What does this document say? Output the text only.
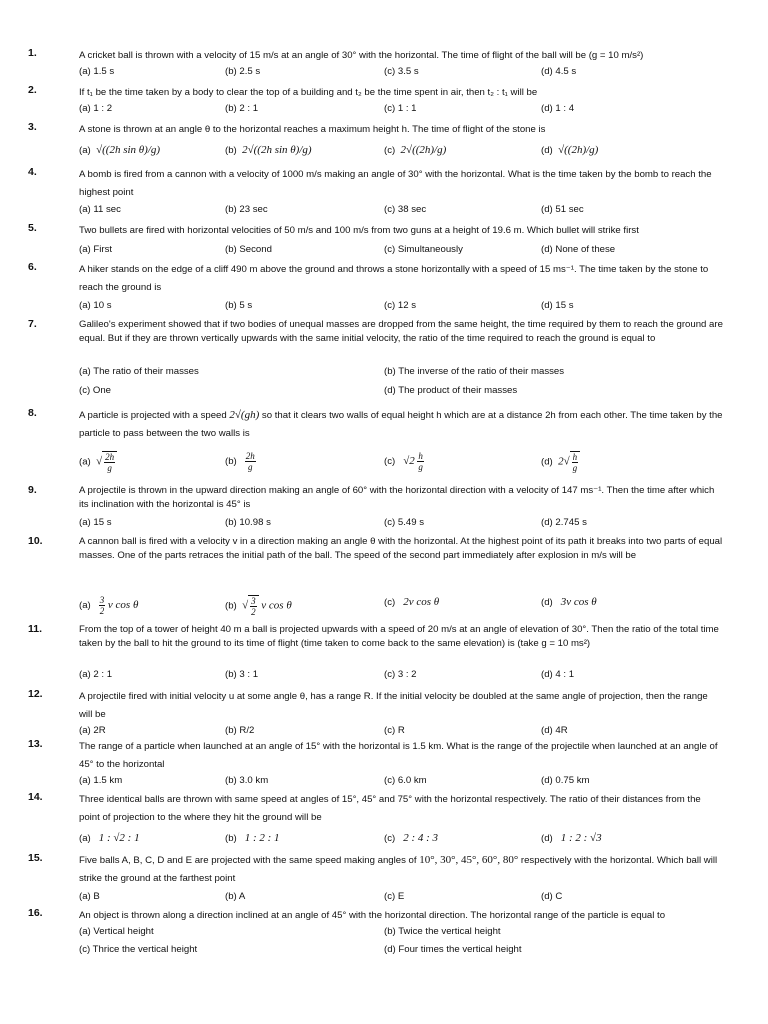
1.	A cricket ball is thrown with a velocity of 15 m/s at an angle of 30° with the horizontal. The time of flight of the ball will be (g = 10 m/s²)
(a) 1.5 s	(b) 2.5 s	(c) 3.5 s	(d) 4.5 s
2.	If t₁ be the time taken by a body to clear the top of a building and t₂ be the time spent in air, then t₂ : t₁ will be
(a) 1 : 2	(b) 2 : 1	(c) 1 : 1	(d) 1 : 4
3.	A stone is thrown at an angle θ to the horizontal reaches a maximum height h. The time of flight of the stone is
(a) √((2h sin θ)/g)	(b) 2√((2h sin θ)/g)	(c) 2√((2h)/g)	(d) √((2h)/g)
4.	A bomb is fired from a cannon with a velocity of 1000 m/s making an angle of 30° with the horizontal. What is the time taken by the bomb to reach the highest point
(a) 11 sec	(b) 23 sec	(c) 38 sec	(d) 51 sec
5.	Two bullets are fired with horizontal velocities of 50 m/s and 100 m/s from two guns at a height of 19.6 m. Which bullet will strike first
(a) First	(b) Second	(c) Simultaneously	(d) None of these
6.	A hiker stands on the edge of a cliff 490 m above the ground and throws a stone horizontally with a speed of 15 ms⁻¹. The time taken by the stone to reach the ground is
(a) 10 s	(b) 5 s	(c) 12 s	(d) 15 s
7.	Galileo's experiment showed that if two bodies of unequal masses are dropped from the same height, the time required by them to reach the ground are equal. But if they are thrown vertically upwards with the same initial velocity, the ratio of the time required to reach the ground is equal to
(a) The ratio of their masses	(b) The inverse of the ratio of their masses
(c) One	(d) The product of their masses
8.	A particle is projected with a speed 2√(gh) so that it clears two walls of equal height h which are at a distance 2h from each other. The time taken by the particle to pass between the two walls is
(a) √ $\frac{2h}{g}$	$(b) \frac{2h}{g}$	(c) $√2 \frac{h}{g}$	(d) $2√ \frac{h}{g}$
9.	A projectile is thrown in the upward direction making an angle of 60° with the horizontal direction with a velocity of 147 ms⁻¹. Then the time after which its inclination with the horizontal is 45° is
(a) 15 s	(b) 10.98 s	(c) 5.49 s	(d) 2.745 s
10.	A cannon ball is fired with a velocity v in a direction making an angle θ with the horizontal. At the highest point of its path it breaks into two parts of equal masses. One of the parts retraces the initial path of the ball. The speed of the second part immediately after explosion in m/s will be
$(a) \frac{3}{2}$ v cos θ	(b) √ $\frac{3}{2}$ v cos θ	(c) 2v cos θ	(d) 3v cos θ
11.	From the top of a tower of height 40 m a ball is projected upwards with a speed of 20 m/s at an angle of elevation of 30°. Then the ratio of the total time taken by the ball to hit the ground to its time of flight (time taken to come back to the same elevation) is (take g = 10 ms²)
(a) 2 : 1	(b) 3 : 1	(c) 3 : 2	(d) 4 : 1
12.	A projectile fired with initial velocity u at some angle θ, has a range R. If the initial velocity be doubled at the same angle of projection, then the range will be
(a) 2R	(b) R/2	(c) R	(d) 4R
13.	The range of a particle when launched at an angle of 15° with the horizontal is 1.5 km. What is the range of the projectile when launched at an angle of 45° to the horizontal
(a) 1.5 km	(b) 3.0 km	(c) 6.0 km	(d) 0.75 km
14.	Three identical balls are thrown with same speed at angles of 15°, 45° and 75° with the horizontal respectively. The ratio of their distances from the point of projection to the where they hit the ground will be
(a) 1 : √2 : 1	(b) 1 : 2 : 1	(c) 2 : 4 : 3	(d) 1 : 2 : √3
15.	Five balls A, B, C, D and E are projected with the same speed making angles of 10°, 30°, 45°, 60°, 80° respectively with the horizontal. Which ball will strike the ground at the farthest point
(a) B	(b) A	(c) E	(d) C
16.	An object is thrown along a direction inclined at an angle of 45° with the horizontal direction. The horizontal range of the particle is equal to
(a) Vertical height	(b) Twice the vertical height
(c) Thrice the vertical height	(d) Four times the vertical height
